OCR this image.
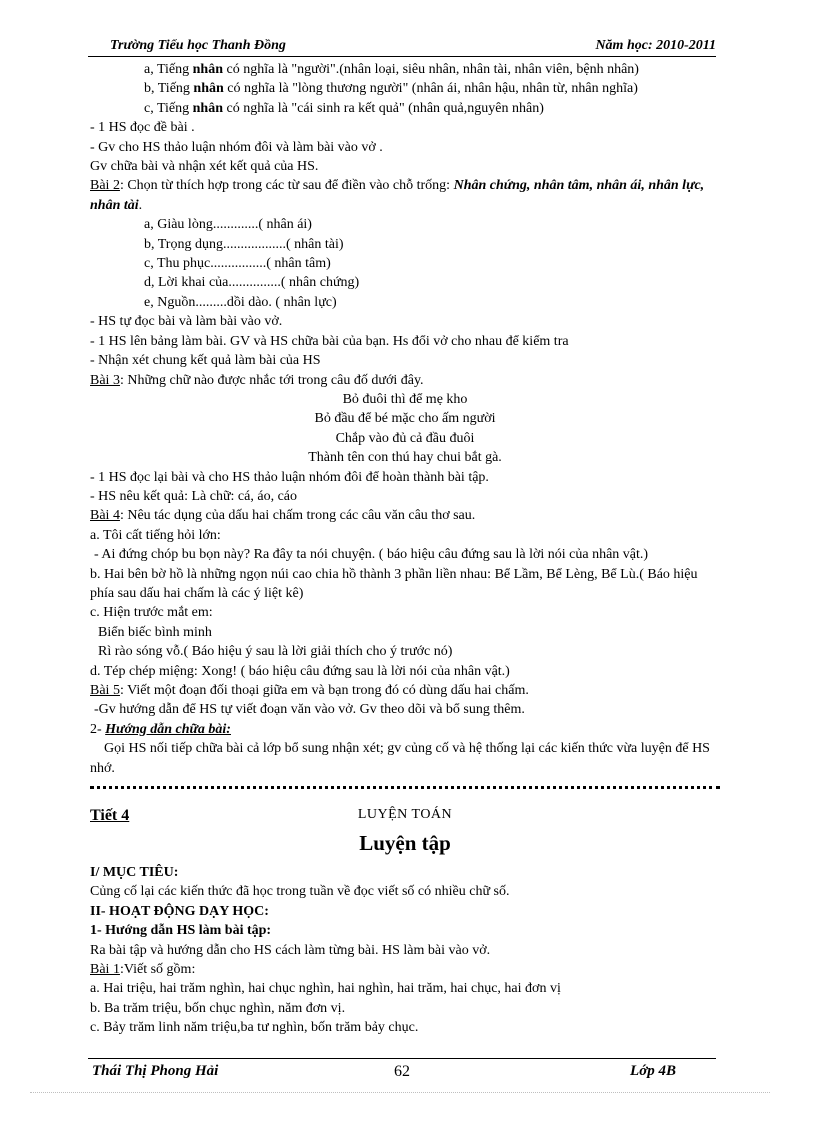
Trường Tiểu học Thanh Đồng	Năm học: 2010-2011
a, Tiếng nhân có nghĩa là "người".(nhân loại, siêu nhân, nhân tài, nhân viên, bệnh nhân)
b, Tiếng nhân có nghĩa là "lòng thương người" (nhân ái, nhân hậu, nhân từ, nhân nghĩa)
c, Tiếng nhân có nghĩa là "cái sinh ra kết quả" (nhân quả,nguyên nhân)
- 1 HS đọc đề bài .
- Gv cho HS thảo luận nhóm đôi và làm bài vào vở .
Gv chữa bài và nhận xét kết quả của HS.
Bài 2: Chọn từ thích hợp trong các từ sau để điền vào chỗ trống: Nhân chứng, nhân tâm, nhân ái, nhân lực, nhân tài.
a, Giàu lòng.............( nhân ái)
b, Trọng dụng..................( nhân tài)
c, Thu phục................( nhân tâm)
d, Lời khai của...............( nhân chứng)
e, Nguồn.........dồi dào. ( nhân lực)
- HS tự đọc bài và làm bài vào vở.
- 1 HS lên bảng làm bài. GV và HS chữa bài của bạn. Hs đổi vở cho nhau để kiểm tra
- Nhận xét chung kết quả làm bài của HS
Bài 3: Những chữ nào được nhắc tới trong câu đố dưới đây.
Bỏ đuôi thì để mẹ kho
Bỏ đầu để bé mặc cho ấm người
Chắp vào đủ cả đầu đuôi
Thành tên con thú hay chui bắt gà.
- 1 HS đọc lại bài và cho HS thảo luận nhóm đôi để hoàn thành bài tập.
- HS nêu kết quả: Là chữ: cá, áo, cáo
Bài 4: Nêu tác dụng của dấu hai chấm trong các câu văn câu thơ sau.
a. Tôi cất tiếng hỏi lớn:
- Ai đứng chóp bu bọn này? Ra đây ta nói chuyện. ( báo hiệu câu đứng sau là lời nói của nhân vật.)
b. Hai bên bờ hồ là những ngọn núi cao chia hồ thành 3 phần liền nhau: Bể Lầm, Bể Lèng, Bể Lù.( Báo hiệu phía sau dấu hai chấm là các ý liệt kê)
c. Hiện trước mắt em:
Biển biếc bình minh
Rì rào sóng vỗ.( Báo hiệu ý sau là lời giải thích cho ý trước nó)
d. Tép chép miệng: Xong! ( báo hiệu câu đứng sau là lời nói của nhân vật.)
Bài 5: Viết một đoạn đối thoại giữa em và bạn trong đó có dùng dấu hai chấm.
-Gv hướng dẫn để HS tự viết đoạn văn vào vở. Gv theo dõi và bổ sung thêm.
2- Hướng dẫn chữa bài:
Gọi HS nối tiếp chữa bài cả lớp bổ sung nhận xét; gv củng cố và hệ thống lại các kiến thức vừa luyện để HS nhớ.
Tiết 4	LUYỆN TOÁN
Luyện tập
I/ MỤC TIÊU:
Củng cố lại các kiến thức đã học trong tuần về đọc viết số có nhiều chữ số.
II- HOẠT ĐỘNG DẠY HỌC:
1- Hướng dẫn HS làm bài tập:
Ra bài tập và hướng dẫn cho HS cách làm từng bài. HS làm bài vào vở.
Bài 1:Viết số gồm:
a. Hai triệu, hai trăm nghìn, hai chục nghìn, hai nghìn, hai trăm, hai chục, hai đơn vị
b. Ba trăm triệu, bốn chục nghìn, năm đơn vị.
c. Bảy trăm linh năm triệu,ba tư nghìn, bốn trăm bảy chục.
Thái Thị Phong Hải	62	Lớp 4B
